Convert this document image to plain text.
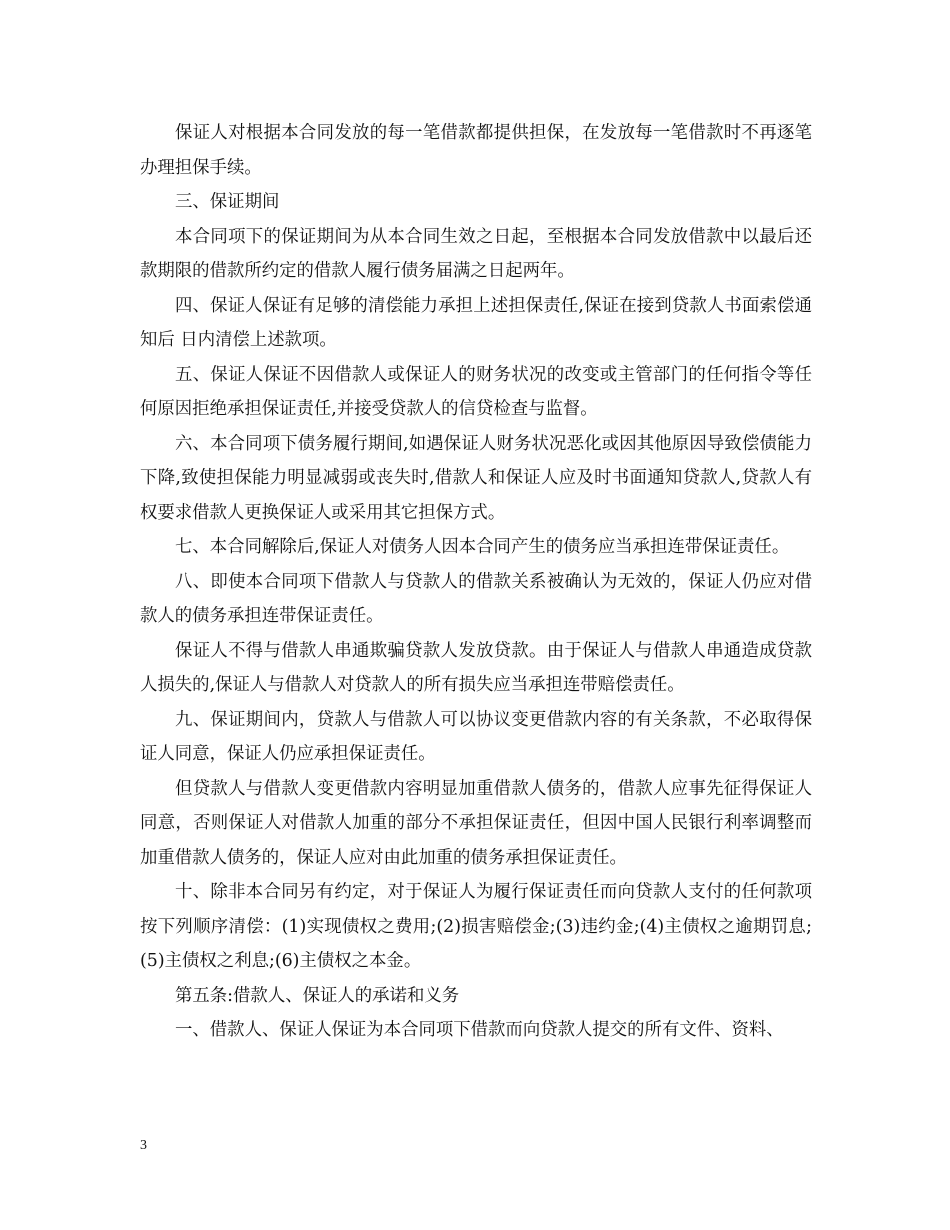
保证人对根据本合同发放的每一笔借款都提供担保，在发放每一笔借款时不再逐笔办理担保手续。

三、保证期间

本合同项下的保证期间为从本合同生效之日起，至根据本合同发放借款中以最后还款期限的借款所约定的借款人履行债务届满之日起两年。

四、保证人保证有足够的清偿能力承担上述担保责任,保证在接到贷款人书面索偿通知后 日内清偿上述款项。

五、保证人保证不因借款人或保证人的财务状况的改变或主管部门的任何指令等任何原因拒绝承担保证责任,并接受贷款人的信贷检查与监督。

六、本合同项下债务履行期间,如遇保证人财务状况恶化或因其他原因导致偿债能力下降,致使担保能力明显减弱或丧失时,借款人和保证人应及时书面通知贷款人,贷款人有权要求借款人更换保证人或采用其它担保方式。

七、本合同解除后,保证人对债务人因本合同产生的债务应当承担连带保证责任。

八、即使本合同项下借款人与贷款人的借款关系被确认为无效的，保证人仍应对借款人的债务承担连带保证责任。

保证人不得与借款人串通欺骗贷款人发放贷款。由于保证人与借款人串通造成贷款人损失的,保证人与借款人对贷款人的所有损失应当承担连带赔偿责任。

九、保证期间内，贷款人与借款人可以协议变更借款内容的有关条款，不必取得保证人同意，保证人仍应承担保证责任。

但贷款人与借款人变更借款内容明显加重借款人债务的，借款人应事先征得保证人同意，否则保证人对借款人加重的部分不承担保证责任，但因中国人民银行利率调整而加重借款人债务的，保证人应对由此加重的债务承担保证责任。

十、除非本合同另有约定，对于保证人为履行保证责任而向贷款人支付的任何款项按下列顺序清偿：(1)实现债权之费用;(2)损害赔偿金;(3)违约金;(4)主债权之逾期罚息;(5)主债权之利息;(6)主债权之本金。

第五条:借款人、保证人的承诺和义务

一、借款人、保证人保证为本合同项下借款而向贷款人提交的所有文件、资料、

3
